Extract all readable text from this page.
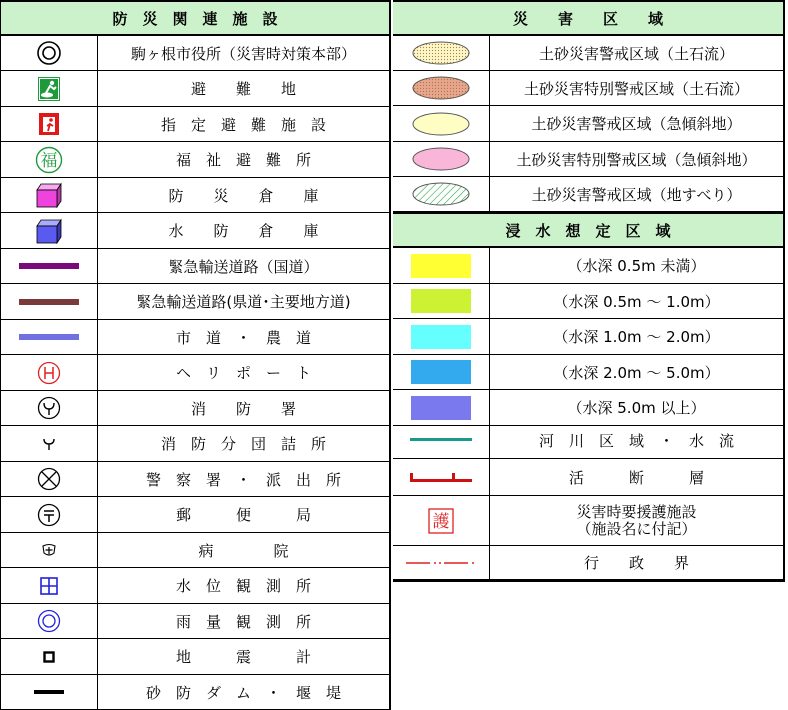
防　災　関　連　施　設
駒ヶ根市役所（災害時対策本部）
避　　難　　地
指　定　避　難　施　設
福	福　祉　避　難　所
防　　災　　倉　　庫
水　　防　　倉　　庫
緊急輸送道路（国道）
緊急輸送道路(県道･主要地方道)
市　道　・　農　道
ヘ　リ　ポ　ー　ト
消　　防　　署
消　防　分　団　詰　所
警　察　署　・　派　出　所
郵　　　便　　　局
病　　　　院
水　位　観　測　所
雨　量　観　測　所
地　　　震　　　計
砂　防　ダ　ム　・　堰　堤
災　　害　　区　　域
土砂災害警戒区域（土石流）
土砂災害特別警戒区域（土石流）
土砂災害警戒区域（急傾斜地）
土砂災害特別警戒区域（急傾斜地）
土砂災害警戒区域（地すべり）
浸　水　想　定　区　域
（水深 0.5m 未満）
（水深 0.5m ～ 1.0m）
（水深 1.0m ～ 2.0m）
（水深 2.0m ～ 5.0m）
（水深 5.0m 以上）
河　川　区　域　・　水　流
活　　　断　　　層
護	災害時要援護施設
（施設名に付記）
行　　政　　界
